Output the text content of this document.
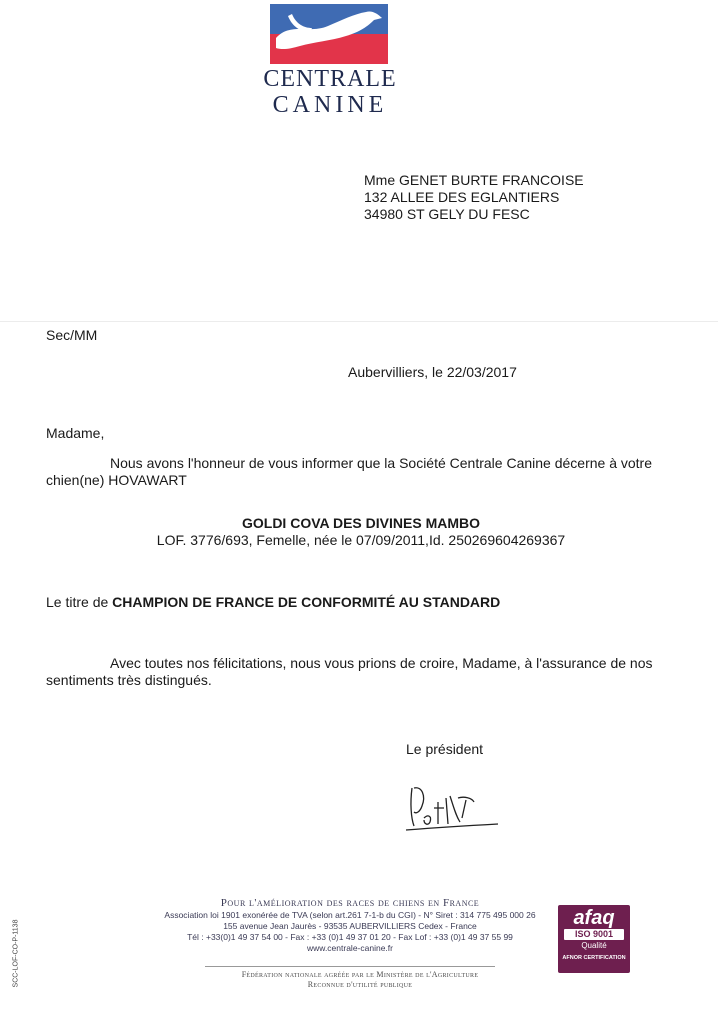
CENTRALE
CANINE
Mme GENET BURTE FRANCOISE
132 ALLEE DES EGLANTIERS
34980 ST GELY DU FESC
Sec/MM
Aubervilliers, le 22/03/2017
Madame,
Nous avons l'honneur de vous informer que la Société Centrale Canine décerne à votre chien(ne) HOVAWART
GOLDI COVA DES DIVINES MAMBO
LOF. 3776/693, Femelle, née le 07/09/2011,Id. 250269604269367
Le titre de CHAMPION DE FRANCE DE CONFORMITÉ AU STANDARD
Avec toutes nos félicitations, nous vous prions de croire, Madame, à l'assurance de nos sentiments très distingués.
Le président
Pour l'amélioration des races de chiens en France
Association loi 1901 exonérée de TVA (selon art.261 7-1-b du CGI) - N° Siret : 314 775 495 000 26
155 avenue Jean Jaurès - 93535 AUBERVILLIERS Cedex - France
Tél : +33(0)1 49 37 54 00 - Fax : +33 (0)1 49 37 01 20 - Fax Lof : +33 (0)1 49 37 55 99
www.centrale-canine.fr
Fédération nationale agréée par le Ministère de l'Agriculture
Reconnue d'utilité publique
afaq
ISO 9001
Qualité
AFNOR CERTIFICATION
SCC-LOF-CO-P-1138
